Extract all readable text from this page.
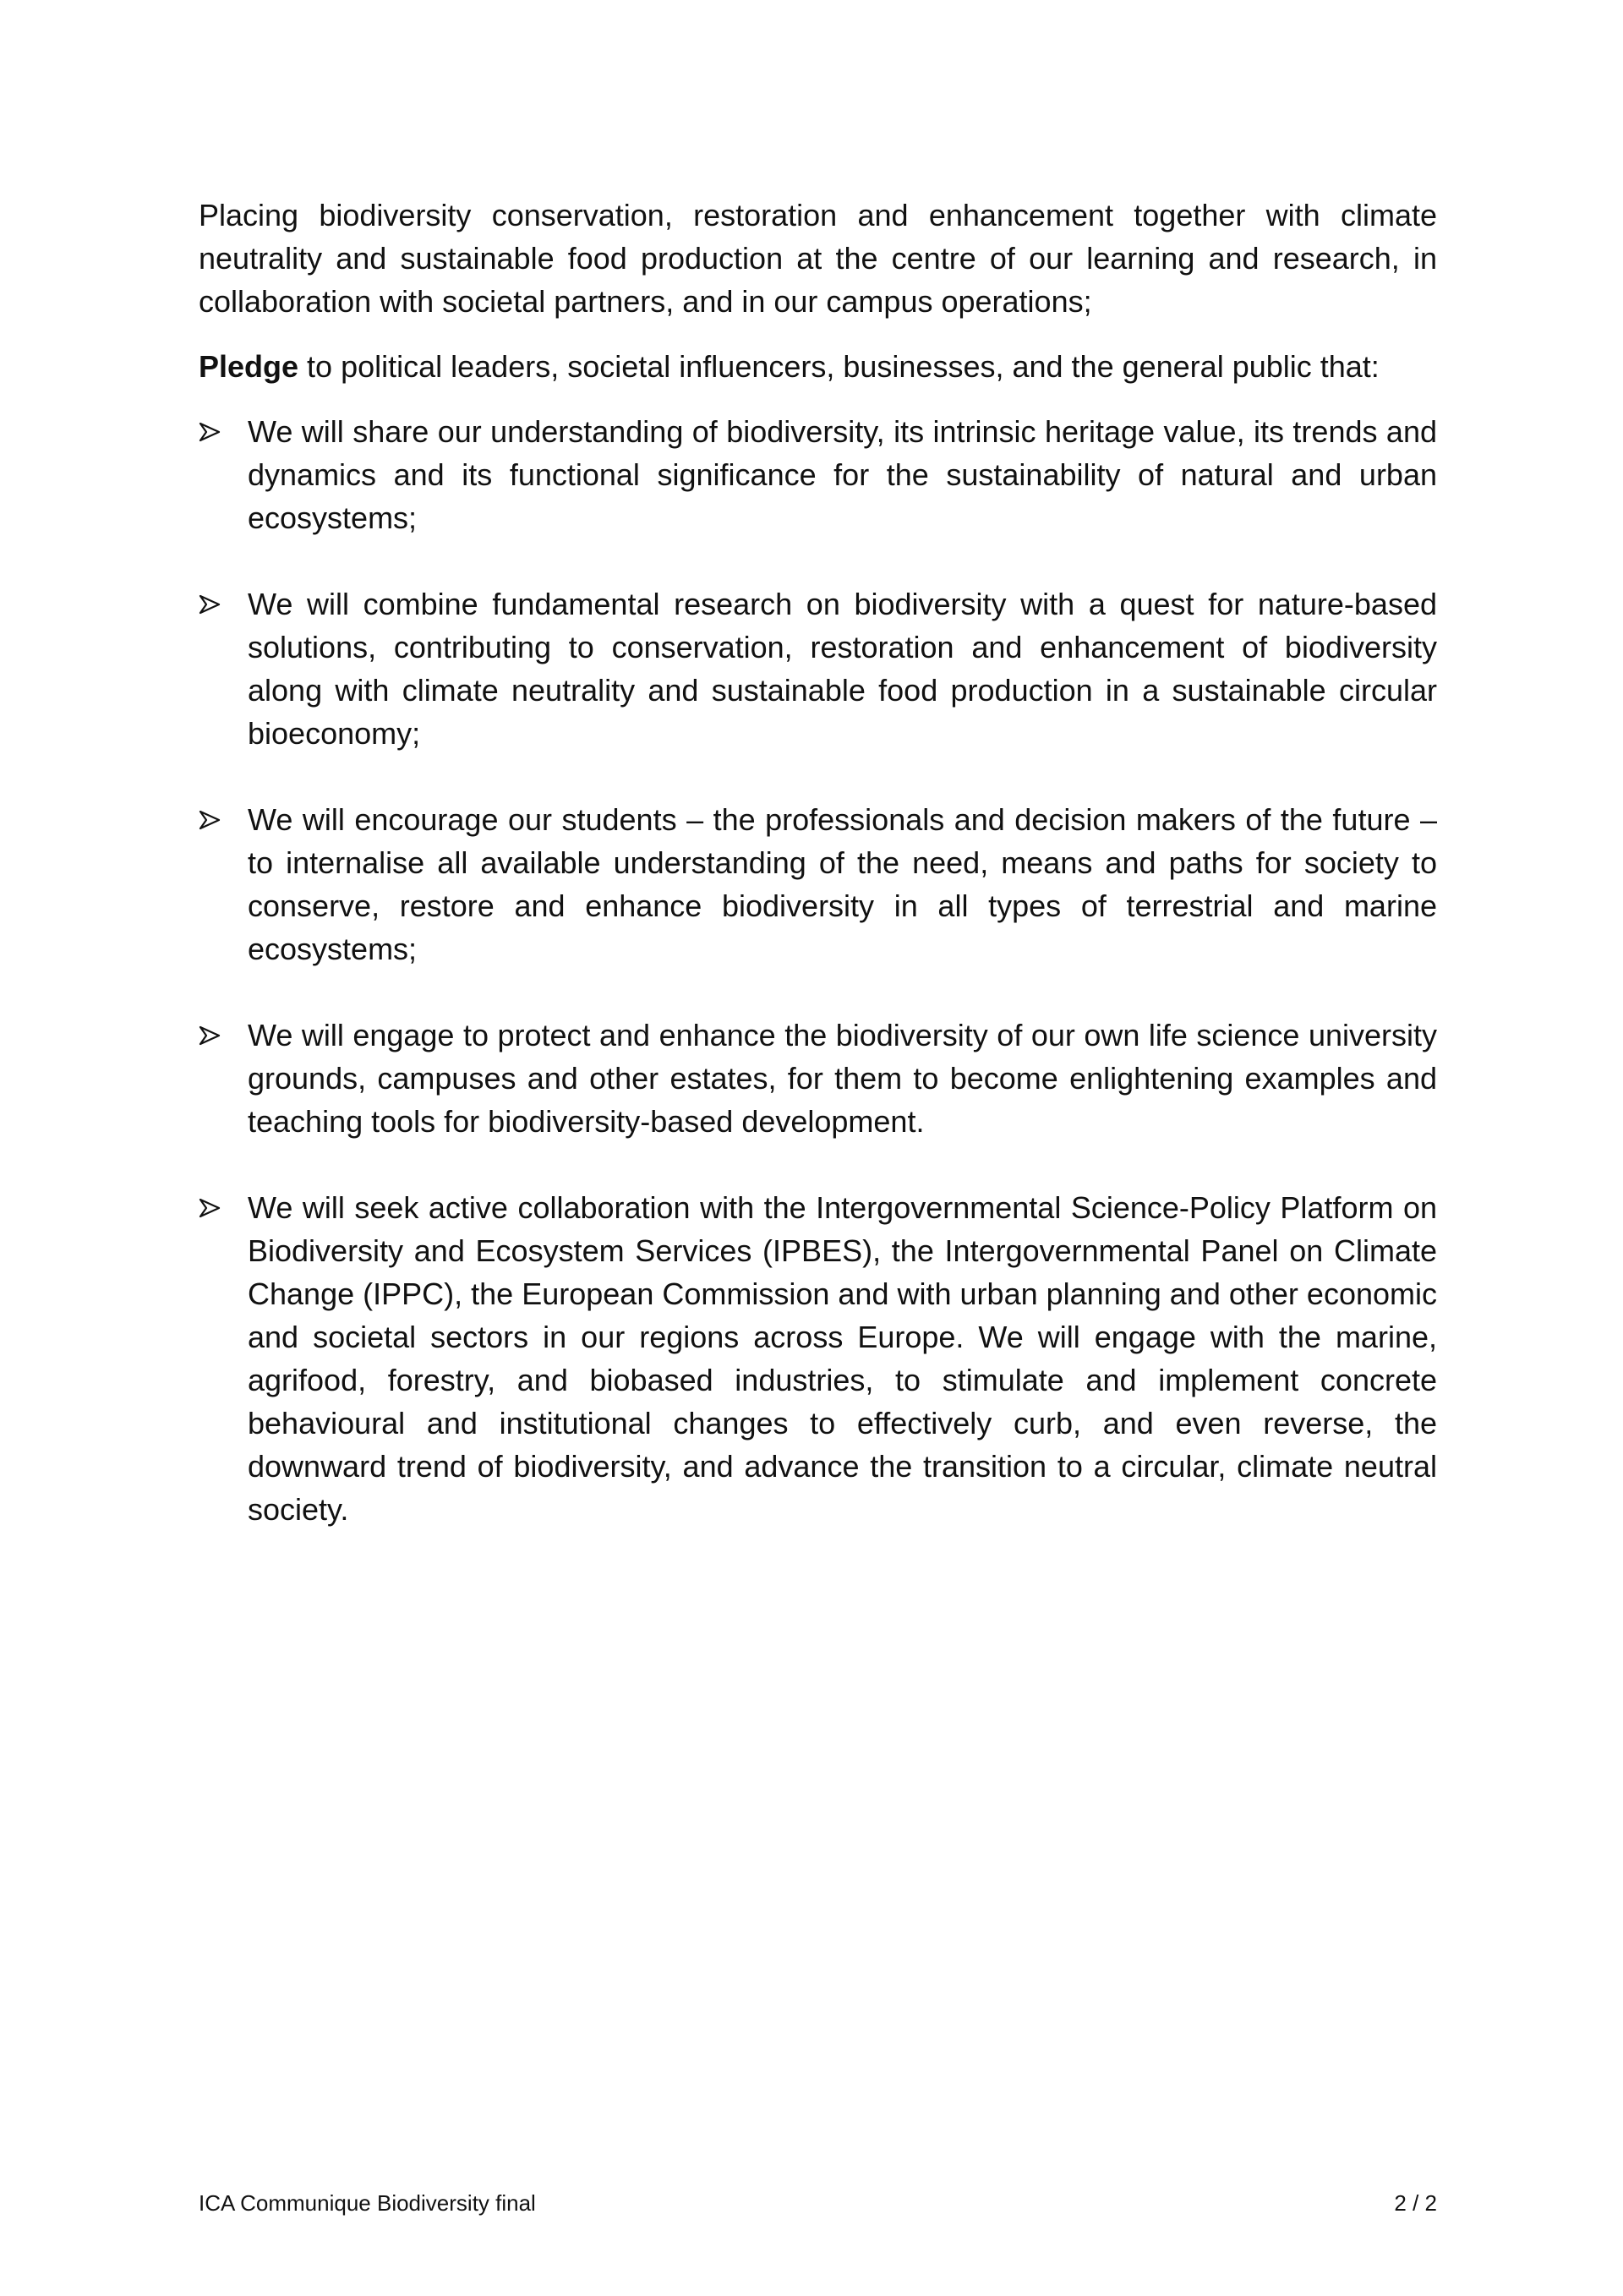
Placing biodiversity conservation, restoration and enhancement together with climate neutrality and sustainable food production at the centre of our learning and research, in collaboration with societal partners, and in our campus operations;

Pledge to political leaders, societal influencers, businesses, and the general public that:

We will share our understanding of biodiversity, its intrinsic heritage value, its trends and dynamics and its functional significance for the sustainability of natural and urban ecosystems;
We will combine fundamental research on biodiversity with a quest for nature-based solutions, contributing to conservation, restoration and enhancement of biodiversity along with climate neutrality and sustainable food production in a sustainable circular bioeconomy;
We will encourage our students – the professionals and decision makers of the future – to internalise all available understanding of the need, means and paths for society to conserve, restore and enhance biodiversity in all types of terrestrial and marine ecosystems;
We will engage to protect and enhance the biodiversity of our own life science university grounds, campuses and other estates, for them to become enlightening examples and teaching tools for biodiversity-based development.
We will seek active collaboration with the Intergovernmental Science-Policy Platform on Biodiversity and Ecosystem Services (IPBES), the Intergovernmental Panel on Climate Change (IPPC), the European Commission and with urban planning and other economic and societal sectors in our regions across Europe. We will engage with the marine, agrifood, forestry, and biobased industries, to stimulate and implement concrete behavioural and institutional changes to effectively curb, and even reverse, the downward trend of biodiversity, and advance the transition to a circular, climate neutral society.
ICA Communique Biodiversity final	2 / 2
